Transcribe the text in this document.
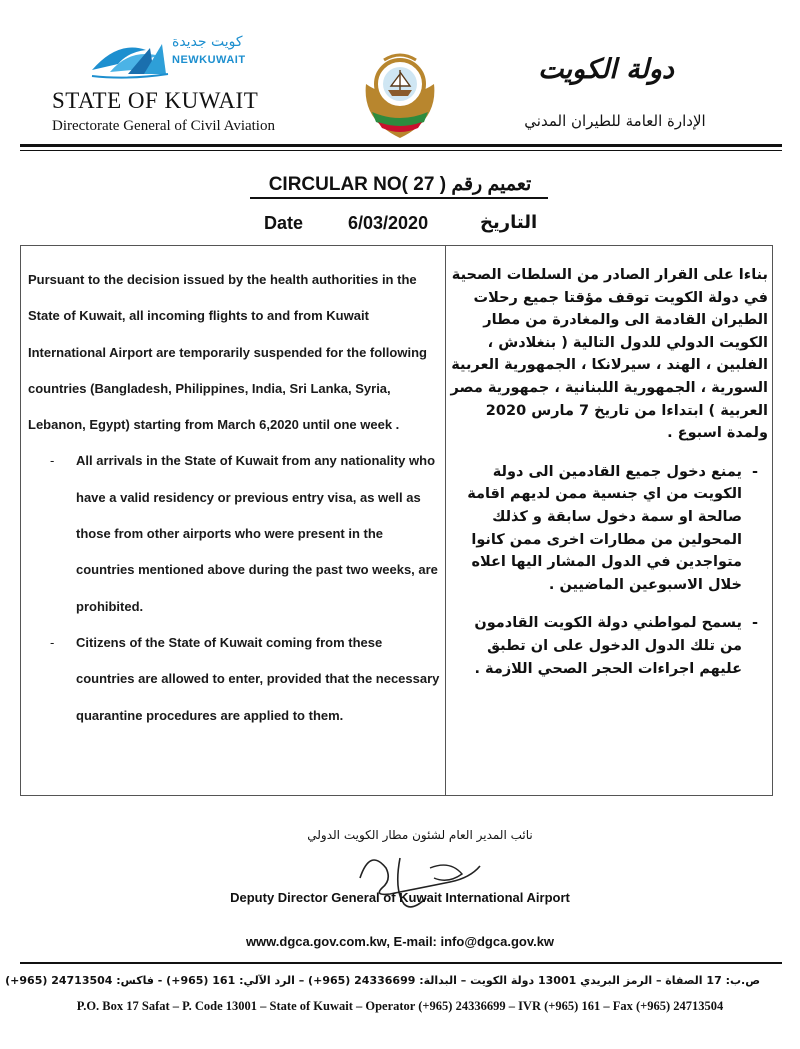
كويت جديدة
NEWKUWAIT
STATE OF KUWAIT
Directorate General of Civil Aviation
دولة الكويت
الإدارة العامة للطيران المدني
CIRCULAR NO( 27 ) تعميم رقم
Date 6/03/2020	التاريخ

Pursuant to the decision issued by the health authorities in the State of Kuwait, all incoming flights to and from Kuwait International Airport are temporarily suspended for the following countries (Bangladesh, Philippines, India, Sri Lanka, Syria, Lebanon, Egypt) starting from March 6,2020 until one week .

-	All arrivals in the State of Kuwait from any nationality who have a valid residency or previous entry visa, as well as those from other airports who were present in the countries mentioned above during the past two weeks, are prohibited.
-	Citizens of the State of Kuwait coming from these countries are allowed to enter, provided that the necessary quarantine procedures are applied to them.

بناءا على القرار الصادر من السلطات الصحية في دولة الكويت توقف مؤقتا جميع رحلات الطيران القادمة الى والمغادرة من مطار الكويت الدولي للدول التالية ( بنغلادش ، الفلبين ، الهند ، سيرلانكا ، الجمهورية العربية السورية ، الجمهورية اللبنانية ، جمهورية مصر العربية ) ابتداءا من تاريخ 7 مارس 2020 ولمدة اسبوع .

-
يمنع دخول جميع القادمين الى دولة الكويت من اي جنسية ممن لديهم اقامة صالحة او سمة دخول سابقة و كذلك المحولين من مطارات اخرى ممن كانوا متواجدين في الدول المشار اليها اعلاه خلال الاسبوعين الماضيين .
-
يسمح لمواطني دولة الكويت القادمون من تلك الدول الدخول على ان تطبق عليهم اجراءات الحجر الصحي اللازمة .
نائب المدير العام لشئون مطار الكويت الدولي
Deputy Director General of Kuwait International Airport
www.dgca.gov.com.kw, E-mail: info@dgca.gov.kw
ص.ب: 17 الصفاة – الرمز البريدي 13001 دولة الكويت – البدالة: 24336699 (965+) – الرد الآلي: 161 (965+) - فاكس: 24713504 (965+)
P.O. Box 17 Safat – P. Code 13001 – State of Kuwait – Operator (+965) 24336699 – IVR (+965) 161 – Fax (+965) 24713504
